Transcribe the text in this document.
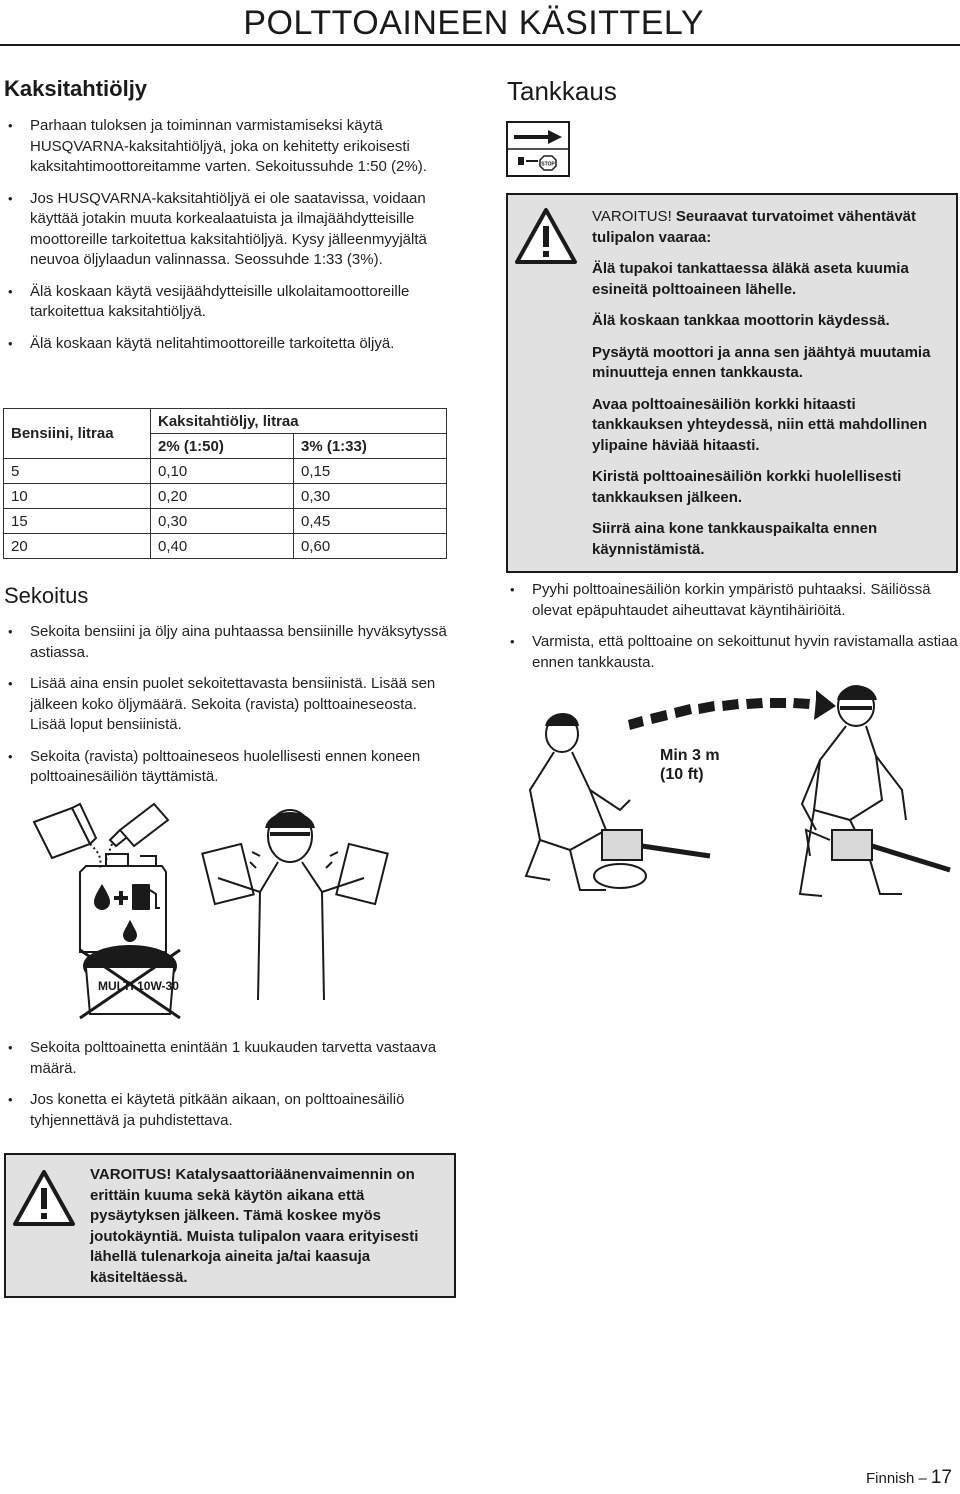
POLTTOAINEEN KÄSITTELY
Kaksitahtiöljy
• Parhaan tuloksen ja toiminnan varmistamiseksi käytä HUSQVARNA-kaksitahtiöljyä, joka on kehitetty erikoisesti kaksitahtimoottoreitamme varten. Sekoitussuhde 1:50 (2%).
• Jos HUSQVARNA-kaksitahtiöljyä ei ole saatavissa, voidaan käyttää jotakin muuta korkealaatuista ja ilmajäähdytteisille moottoreille tarkoitettua kaksitahtiöljyä. Kysy jälleenmyyjältä neuvoa öljylaadun valinnassa. Seossuhde 1:33 (3%).
• Älä koskaan käytä vesijäähdytteisille ulkolaitamoottoreille tarkoitettua kaksitahtiöljyä.
• Älä koskaan käytä nelitahtimoottoreille tarkoitetta öljyä.
Bensiini, litraa	Kaksitahtiöljy, litraa	
	2% (1:50)	3% (1:33)
5	0,10	0,15
10	0,20	0,30
15	0,30	0,45
20	0,40	0,60
Sekoitus
• Sekoita bensiini ja öljy aina puhtaassa bensiinille hyväksytyssä astiassa.
• Lisää aina ensin puolet sekoitettavasta bensiinistä. Lisää sen jälkeen koko öljymäärä. Sekoita (ravista) polttoaineseosta. Lisää loput bensiinistä.
• Sekoita (ravista) polttoaineseos huolellisesti ennen koneen polttoainesäiliön täyttämistä.
MULTI 10W-30
• Sekoita polttoainetta enintään 1 kuukauden tarvetta vastaava määrä.
• Jos konetta ei käytetä pitkään aikaan, on polttoainesäiliö tyhjennettävä ja puhdistettava.
VAROITUS! Katalysaattoriäänenvaimennin on erittäin kuuma sekä käytön aikana että pysäytyksen jälkeen. Tämä koskee myös joutokäyntiä. Muista tulipalon vaara erityisesti lähellä tulenarkoja aineita ja/tai kaasuja käsiteltäessä.
Tankkaus
STOP

VAROITUS! Seuraavat turvatoimet vähentävät tulipalon vaaraa:

Älä tupakoi tankattaessa äläkä aseta kuumia esineitä polttoaineen lähelle.

Älä koskaan tankkaa moottorin käydessä.

Pysäytä moottori ja anna sen jäähtyä muutamia minuutteja ennen tankkausta.

Avaa polttoainesäiliön korkki hitaasti tankkauksen yhteydessä, niin että mahdollinen ylipaine häviää hitaasti.

Kiristä polttoainesäiliön korkki huolellisesti tankkauksen jälkeen.

Siirrä aina kone tankkauspaikalta ennen käynnistämistä.

• Pyyhi polttoainesäiliön korkin ympäristö puhtaaksi. Säiliössä olevat epäpuhtaudet aiheuttavat käyntihäiriöitä.
• Varmista, että polttoaine on sekoittunut hyvin ravistamalla astiaa ennen tankkausta.
Min 3 m
(10 ft)
Finnish – 17
